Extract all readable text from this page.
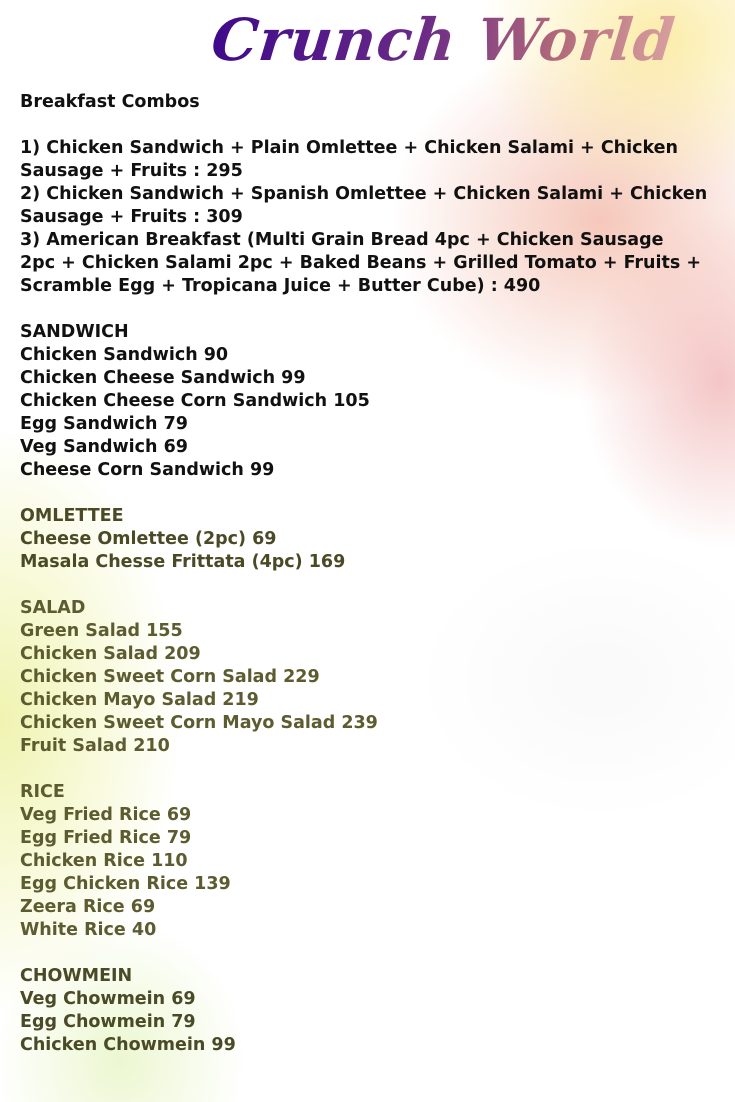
Crunch World
Breakfast Combos
1) Chicken Sandwich + Plain Omlettee + Chicken Salami + Chicken
Sausage + Fruits : 295
2) Chicken Sandwich + Spanish Omlettee + Chicken Salami + Chicken
Sausage + Fruits : 309
3) American Breakfast (Multi Grain Bread 4pc + Chicken Sausage
2pc + Chicken Salami 2pc + Baked Beans + Grilled Tomato + Fruits +
Scramble Egg + Tropicana Juice + Butter Cube) : 490
SANDWICH
Chicken Sandwich 90
Chicken Cheese Sandwich 99
Chicken Cheese Corn Sandwich 105
Egg Sandwich 79
Veg Sandwich 69
Cheese Corn Sandwich 99
OMLETTEE
Cheese Omlettee (2pc) 69
Masala Chesse Frittata (4pc) 169
SALAD
Green Salad 155
Chicken Salad 209
Chicken Sweet Corn Salad 229
Chicken Mayo Salad 219
Chicken Sweet Corn Mayo Salad 239
Fruit Salad 210
RICE
Veg Fried Rice 69
Egg Fried Rice 79
Chicken Rice 110
Egg Chicken Rice 139
Zeera Rice 69
White Rice 40
CHOWMEIN
Veg Chowmein 69
Egg Chowmein 79
Chicken Chowmein 99
